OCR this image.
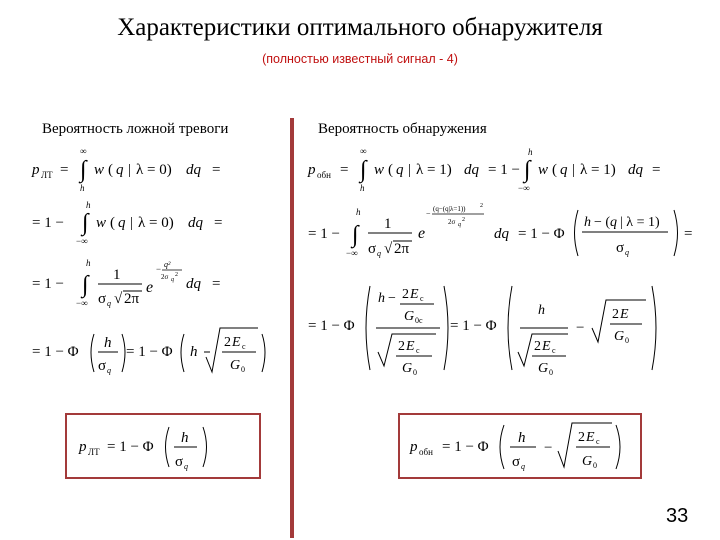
Характеристики оптимального обнаружителя
(полностью известный сигнал - 4)
Вероятность ложной тревоги	Вероятность обнаружения
p ЛТ = ∫
∞
h
w ( q | λ = 0) dq =
= 1 − ∫
h
−∞
w ( q | λ = 0) dq =
= 1 − ∫
h
−∞
1
σ q √ 2π
e
− q²
2σ q
2
dq =
= 1 − Φ
h
σ q
= 1 − Φ h
2 E c
G 0
p ЛТ = 1 − Φ
h
σ q
p обн = ∫
∞
h
w ( q | λ = 1) dq = 1 − ∫
h
−∞
w ( q | λ = 1) dq =
= 1 − ∫
h
−∞
1
σ q √ 2π
e
− (q−(q|λ=1)) 2
2σ q
2
dq = 1 − Φ
h − ( q | λ = 1)
σ q
=
= 1 − Φ
h − 2 E c
G 0c
2 E c
G 0
= 1 − Φ
h
2 E c
G 0
−
2 E
G 0
p обн = 1 − Φ
h
σ q
−
2 E c
G 0
33
